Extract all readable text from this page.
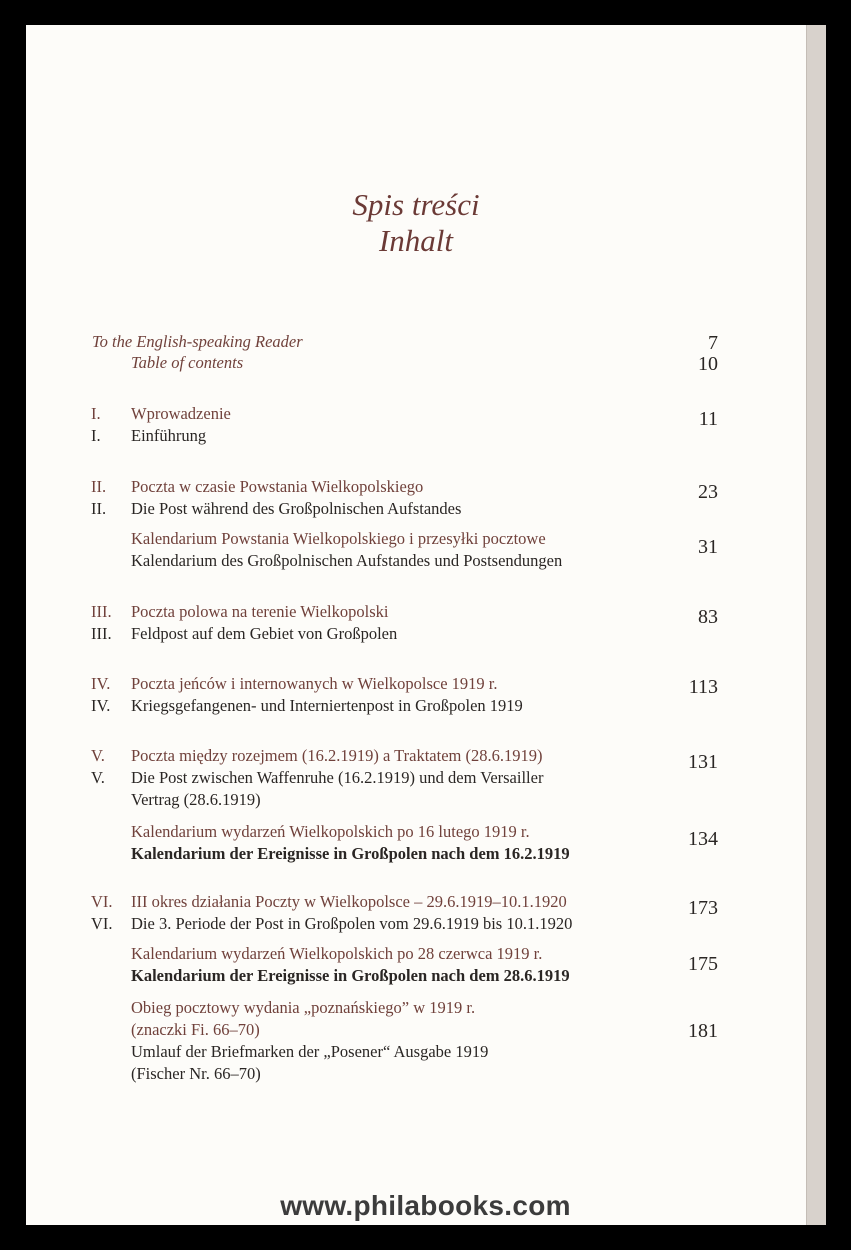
Spis treści
Inhalt
To the English-speaking Reader
Table of contents
7
10
I. Wprowadzenie
I. Einführung
11
II. Poczta w czasie Powstania Wielkopolskiego
II. Die Post während des Großpolnischen Aufstandes
23
Kalendarium Powstania Wielkopolskiego i przesyłki pocztowe
Kalendarium des Großpolnischen Aufstandes und Postsendungen
31
III. Poczta polowa na terenie Wielkopolski
III. Feldpost auf dem Gebiet von Großpolen
83
IV. Poczta jeńców i internowanych w Wielkopolsce 1919 r.
IV. Kriegsgefangenen- und Interniertenpost in Großpolen 1919
113
V. Poczta między rozejmem (16.2.1919) a Traktatem (28.6.1919)
V. Die Post zwischen Waffenruhe (16.2.1919) und dem Versailler
Vertrag (28.6.1919)
131
Kalendarium wydarzeń Wielkopolskich po 16 lutego 1919 r.
Kalendarium der Ereignisse in Großpolen nach dem 16.2.1919
134
VI. III okres działania Poczty w Wielkopolsce – 29.6.1919–10.1.1920
VI. Die 3. Periode der Post in Großpolen vom 29.6.1919 bis 10.1.1920
173
Kalendarium wydarzeń Wielkopolskich po 28 czerwca 1919 r.
Kalendarium der Ereignisse in Großpolen nach dem 28.6.1919
175
Obieg pocztowy wydania „poznańskiego” w 1919 r.
(znaczki Fi. 66–70)
Umlauf der Briefmarken der „Posener“ Ausgabe 1919
(Fischer Nr. 66–70)
181
www.philabooks.com
